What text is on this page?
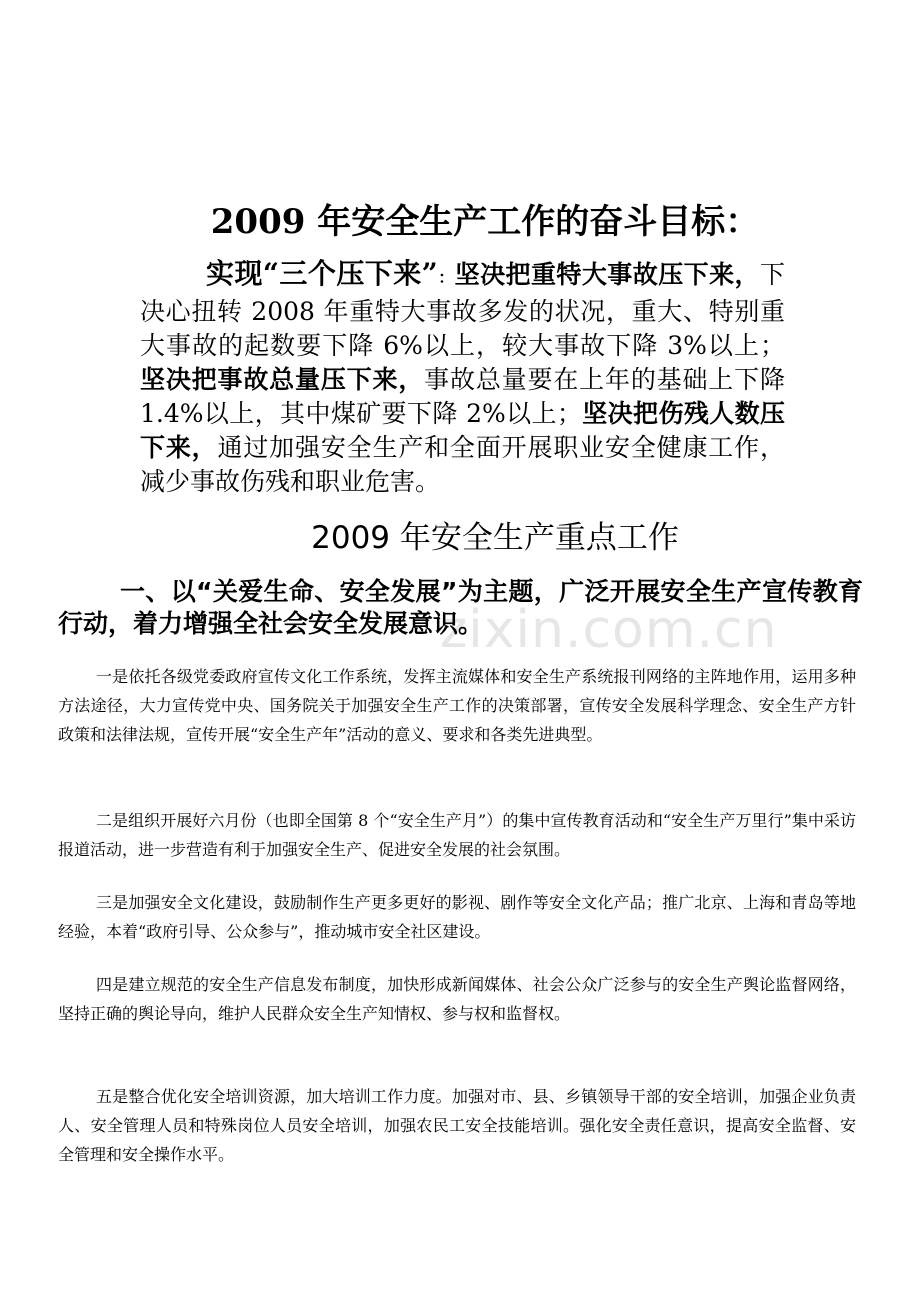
zixin.com.cn
2009 年安全生产工作的奋斗目标：

实现“三个压下来”：坚决把重特大事故压下来，下决心扭转 2008 年重特大事故多发的状况，重大、特别重大事故的起数要下降 6%以上，较大事故下降 3%以上；坚决把事故总量压下来，事故总量要在上年的基础上下降 1.4%以上，其中煤矿要下降 2%以上；坚决把伤残人数压下来，通过加强安全生产和全面开展职业安全健康工作，减少事故伤残和职业危害。

2009 年安全生产重点工作

一、以“关爱生命、安全发展”为主题，广泛开展安全生产宣传教育行动，着力增强全社会安全发展意识。

一是依托各级党委政府宣传文化工作系统，发挥主流媒体和安全生产系统报刊网络的主阵地作用，运用多种方法途径，大力宣传党中央、国务院关于加强安全生产工作的决策部署，宣传安全发展科学理念、安全生产方针政策和法律法规，宣传开展“安全生产年”活动的意义、要求和各类先进典型。

二是组织开展好六月份（也即全国第 8 个“安全生产月”）的集中宣传教育活动和“安全生产万里行”集中采访报道活动，进一步营造有利于加强安全生产、促进安全发展的社会氛围。

三是加强安全文化建设，鼓励制作生产更多更好的影视、剧作等安全文化产品；推广北京、上海和青岛等地经验，本着“政府引导、公众参与”，推动城市安全社区建设。

四是建立规范的安全生产信息发布制度，加快形成新闻媒体、社会公众广泛参与的安全生产舆论监督网络，坚持正确的舆论导向，维护人民群众安全生产知情权、参与权和监督权。

五是整合优化安全培训资源，加大培训工作力度。加强对市、县、乡镇领导干部的安全培训，加强企业负责人、安全管理人员和特殊岗位人员安全培训，加强农民工安全技能培训。强化安全责任意识，提高安全监督、安全管理和安全操作水平。
